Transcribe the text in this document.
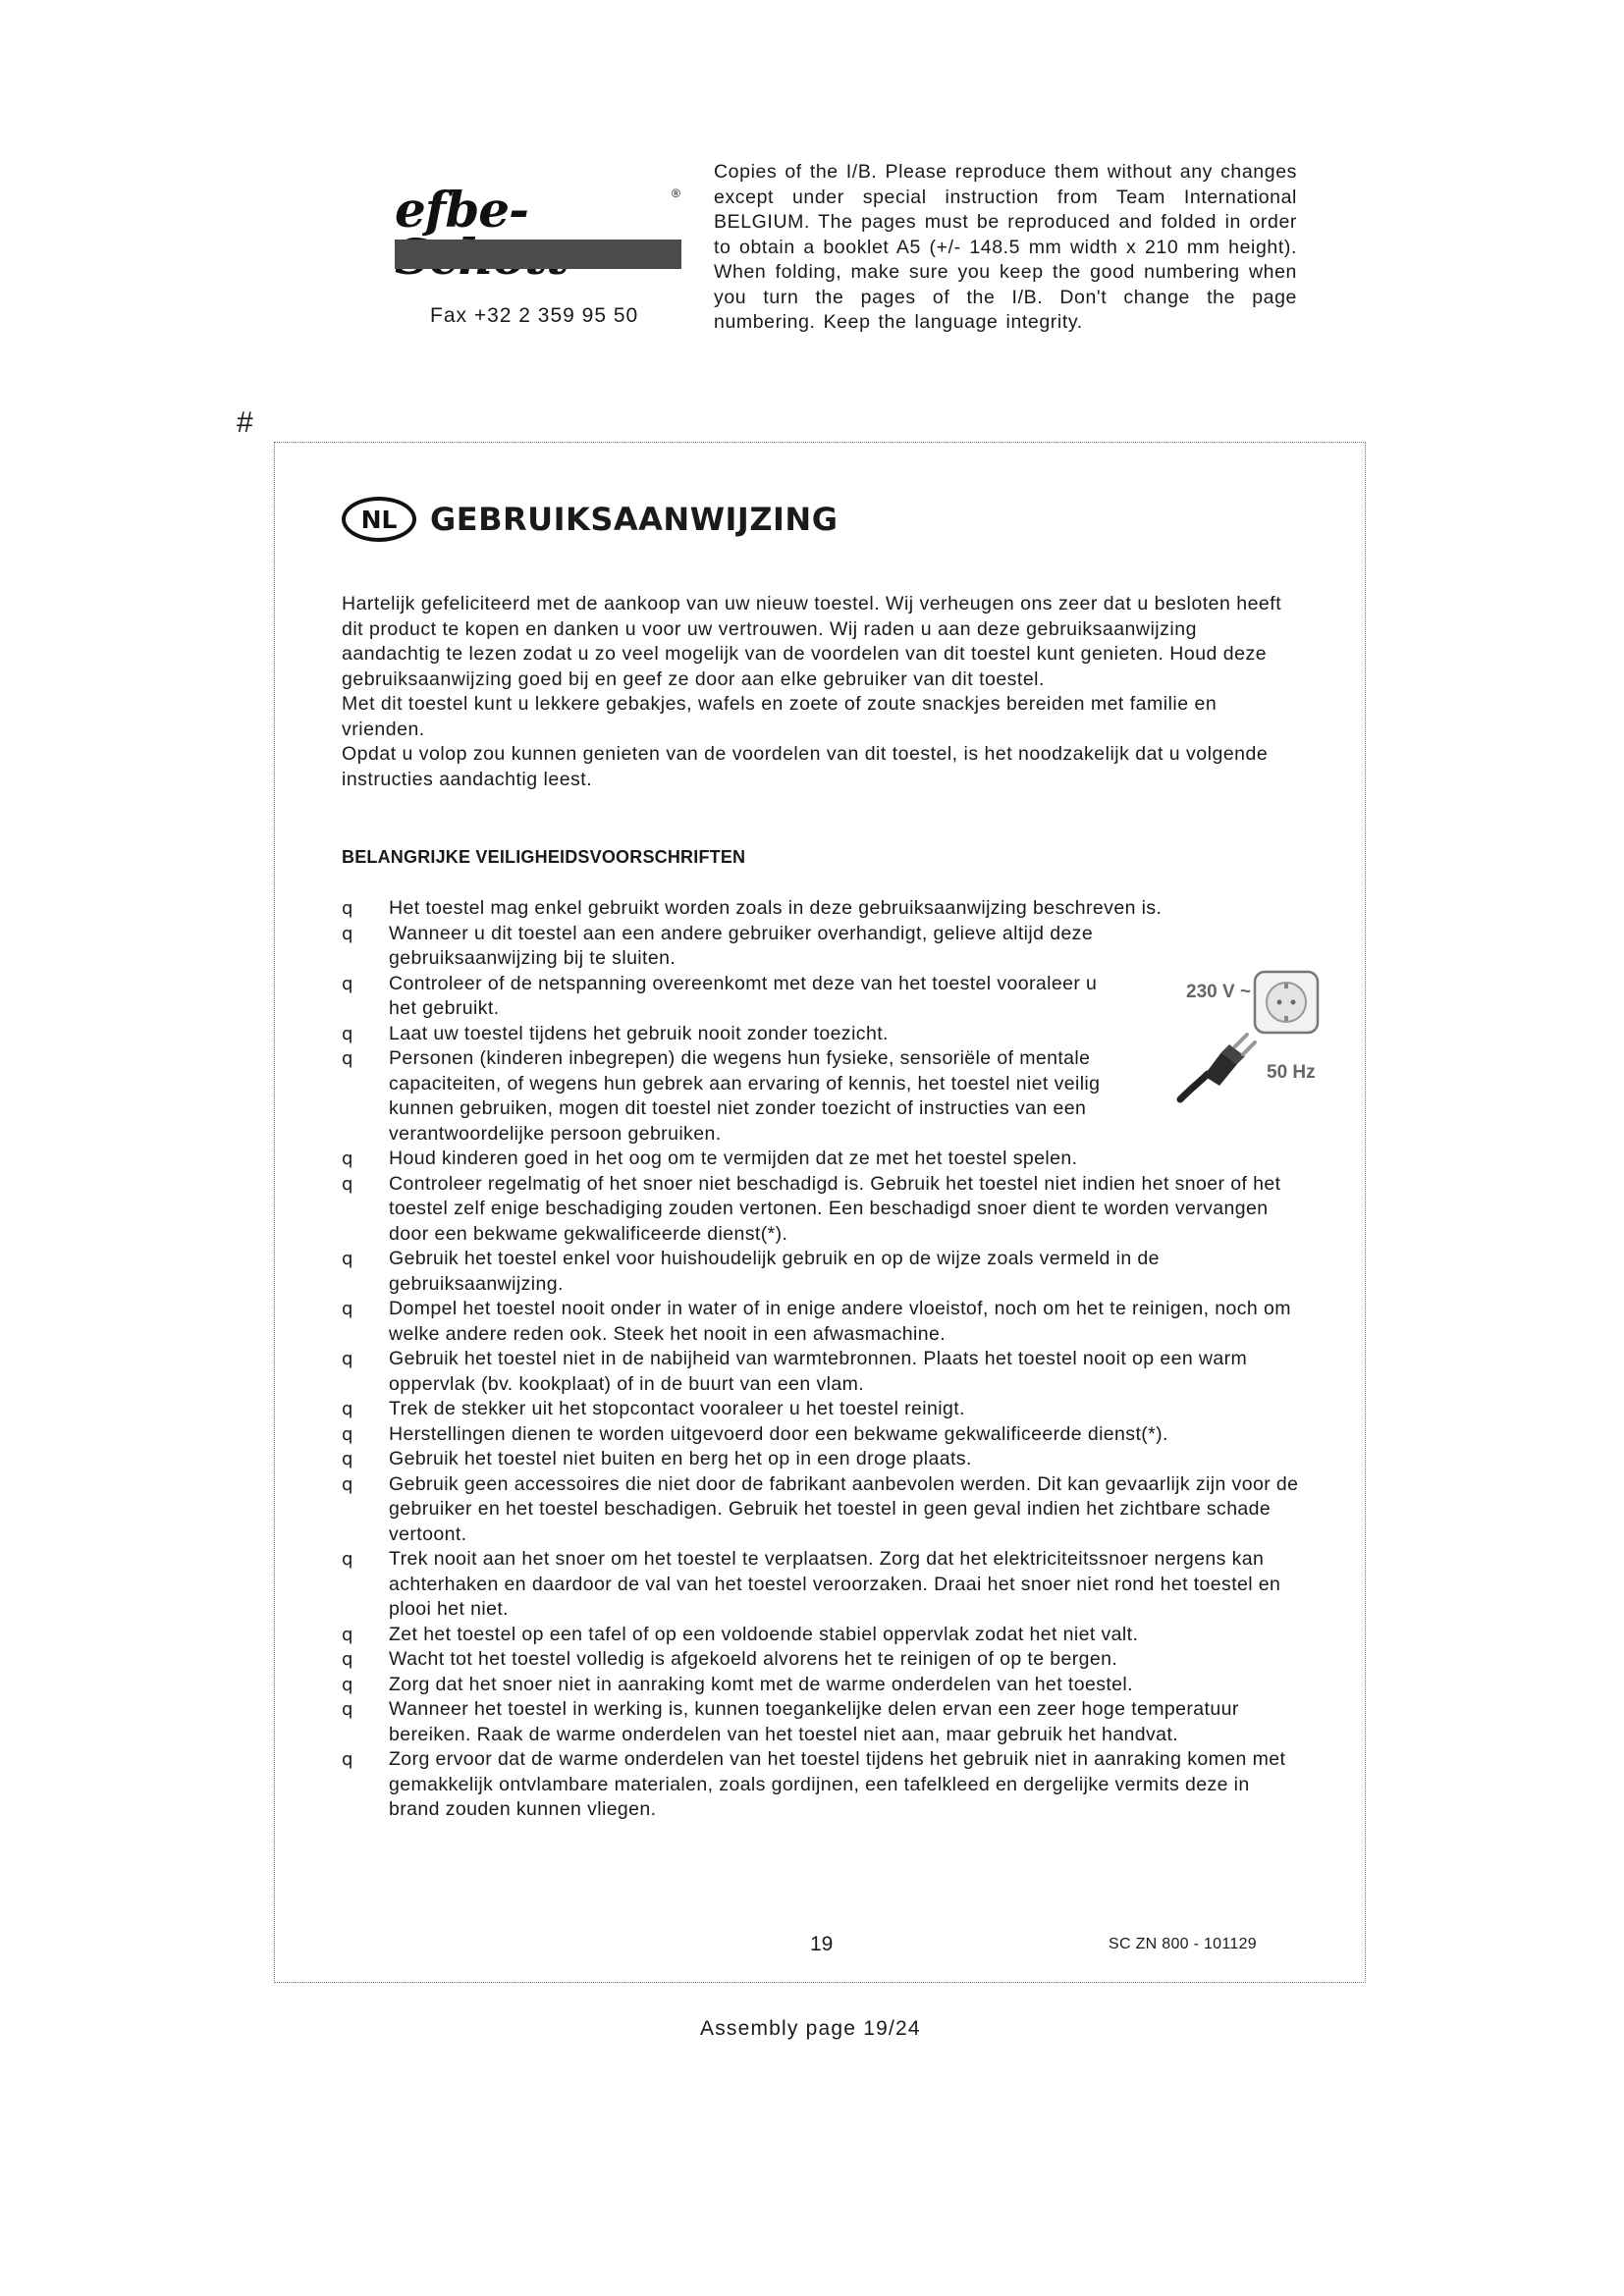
efbe-	®
Fax +32 2 359 95 50
Copies of the I/B. Please reproduce them without any changes except under special instruction from Team International BELGIUM. The pages must be reproduced and folded in order to obtain a booklet A5 (+/- 148.5 mm width x 210 mm height). When folding, make sure you keep the good numbering when you turn the pages of the I/B. Don't change the page numbering. Keep the language integrity.
#
NL	GEBRUIKSAANWIJZING

Hartelijk gefeliciteerd met de aankoop van uw nieuw toestel. Wij verheugen ons zeer dat u besloten heeft dit product te kopen en danken u voor uw vertrouwen. Wij raden u aan deze gebruiksaanwijzing aandachtig te lezen zodat u zo veel mogelijk van de voordelen van dit toestel kunt genieten. Houd deze gebruiksaanwijzing goed bij en geef ze door aan elke gebruiker van dit toestel.

Met dit toestel kunt u lekkere gebakjes, wafels en zoete of zoute snackjes bereiden met familie en vrienden.

Opdat u volop zou kunnen genieten van de voordelen van dit toestel, is het noodzakelijk dat u volgende instructies aandachtig leest.

BELANGRIJKE VEILIGHEIDSVOORSCHRIFTEN
q Het toestel mag enkel gebruikt worden zoals in deze gebruiksaanwijzing beschreven is.
q Wanneer u dit toestel aan een andere gebruiker overhandigt, gelieve altijd deze gebruiksaanwijzing bij te sluiten.
q Controleer of de netspanning overeenkomt met deze van het toestel vooraleer u het gebruikt.
q Laat uw toestel tijdens het gebruik nooit zonder toezicht.
q Personen (kinderen inbegrepen) die wegens hun fysieke, sensoriële of mentale capaciteiten, of wegens hun gebrek aan ervaring of kennis, het toestel niet veilig kunnen gebruiken, mogen dit toestel niet zonder toezicht of instructies van een verantwoordelijke persoon gebruiken.
q Houd kinderen goed in het oog om te vermijden dat ze met het toestel spelen.
q Controleer regelmatig of het snoer niet beschadigd is. Gebruik het toestel niet indien het snoer of het toestel zelf enige beschadiging zouden vertonen. Een beschadigd snoer dient te worden vervangen door een bekwame gekwalificeerde dienst(*).
q Gebruik het toestel enkel voor huishoudelijk gebruik en op de wijze zoals vermeld in de gebruiksaanwijzing.
q Dompel het toestel nooit onder in water of in enige andere vloeistof, noch om het te reinigen, noch om welke andere reden ook. Steek het nooit in een afwasmachine.
q Gebruik het toestel niet in de nabijheid van warmtebronnen. Plaats het toestel nooit op een warm oppervlak (bv. kookplaat) of in de buurt van een vlam.
q Trek de stekker uit het stopcontact vooraleer u het toestel reinigt.
q Herstellingen dienen te worden uitgevoerd door een bekwame gekwalificeerde dienst(*).
q Gebruik het toestel niet buiten en berg het op in een droge plaats.
q Gebruik geen accessoires die niet door de fabrikant aanbevolen werden. Dit kan gevaarlijk zijn voor de gebruiker en het toestel beschadigen. Gebruik het toestel in geen geval indien het zichtbare schade vertoont.
q Trek nooit aan het snoer om het toestel te verplaatsen. Zorg dat het elektriciteitssnoer nergens kan achterhaken en daardoor de val van het toestel veroorzaken. Draai het snoer niet rond het toestel en plooi het niet.
q Zet het toestel op een tafel of op een voldoende stabiel oppervlak zodat het niet valt.
q Wacht tot het toestel volledig is afgekoeld alvorens het te reinigen of op te bergen.
q Zorg dat het snoer niet in aanraking komt met de warme onderdelen van het toestel.
q Wanneer het toestel in werking is, kunnen toegankelijke delen ervan een zeer hoge temperatuur bereiken. Raak de warme onderdelen van het toestel niet aan, maar gebruik het handvat.
q Zorg ervoor dat de warme onderdelen van het toestel tijdens het gebruik niet in aanraking komen met gemakkelijk ontvlambare materialen, zoals gordijnen, een tafelkleed en dergelijke vermits deze in brand zouden kunnen vliegen.
230 V ~
50 Hz
19	SC ZN 800 - 101129
Assembly page 19/24
